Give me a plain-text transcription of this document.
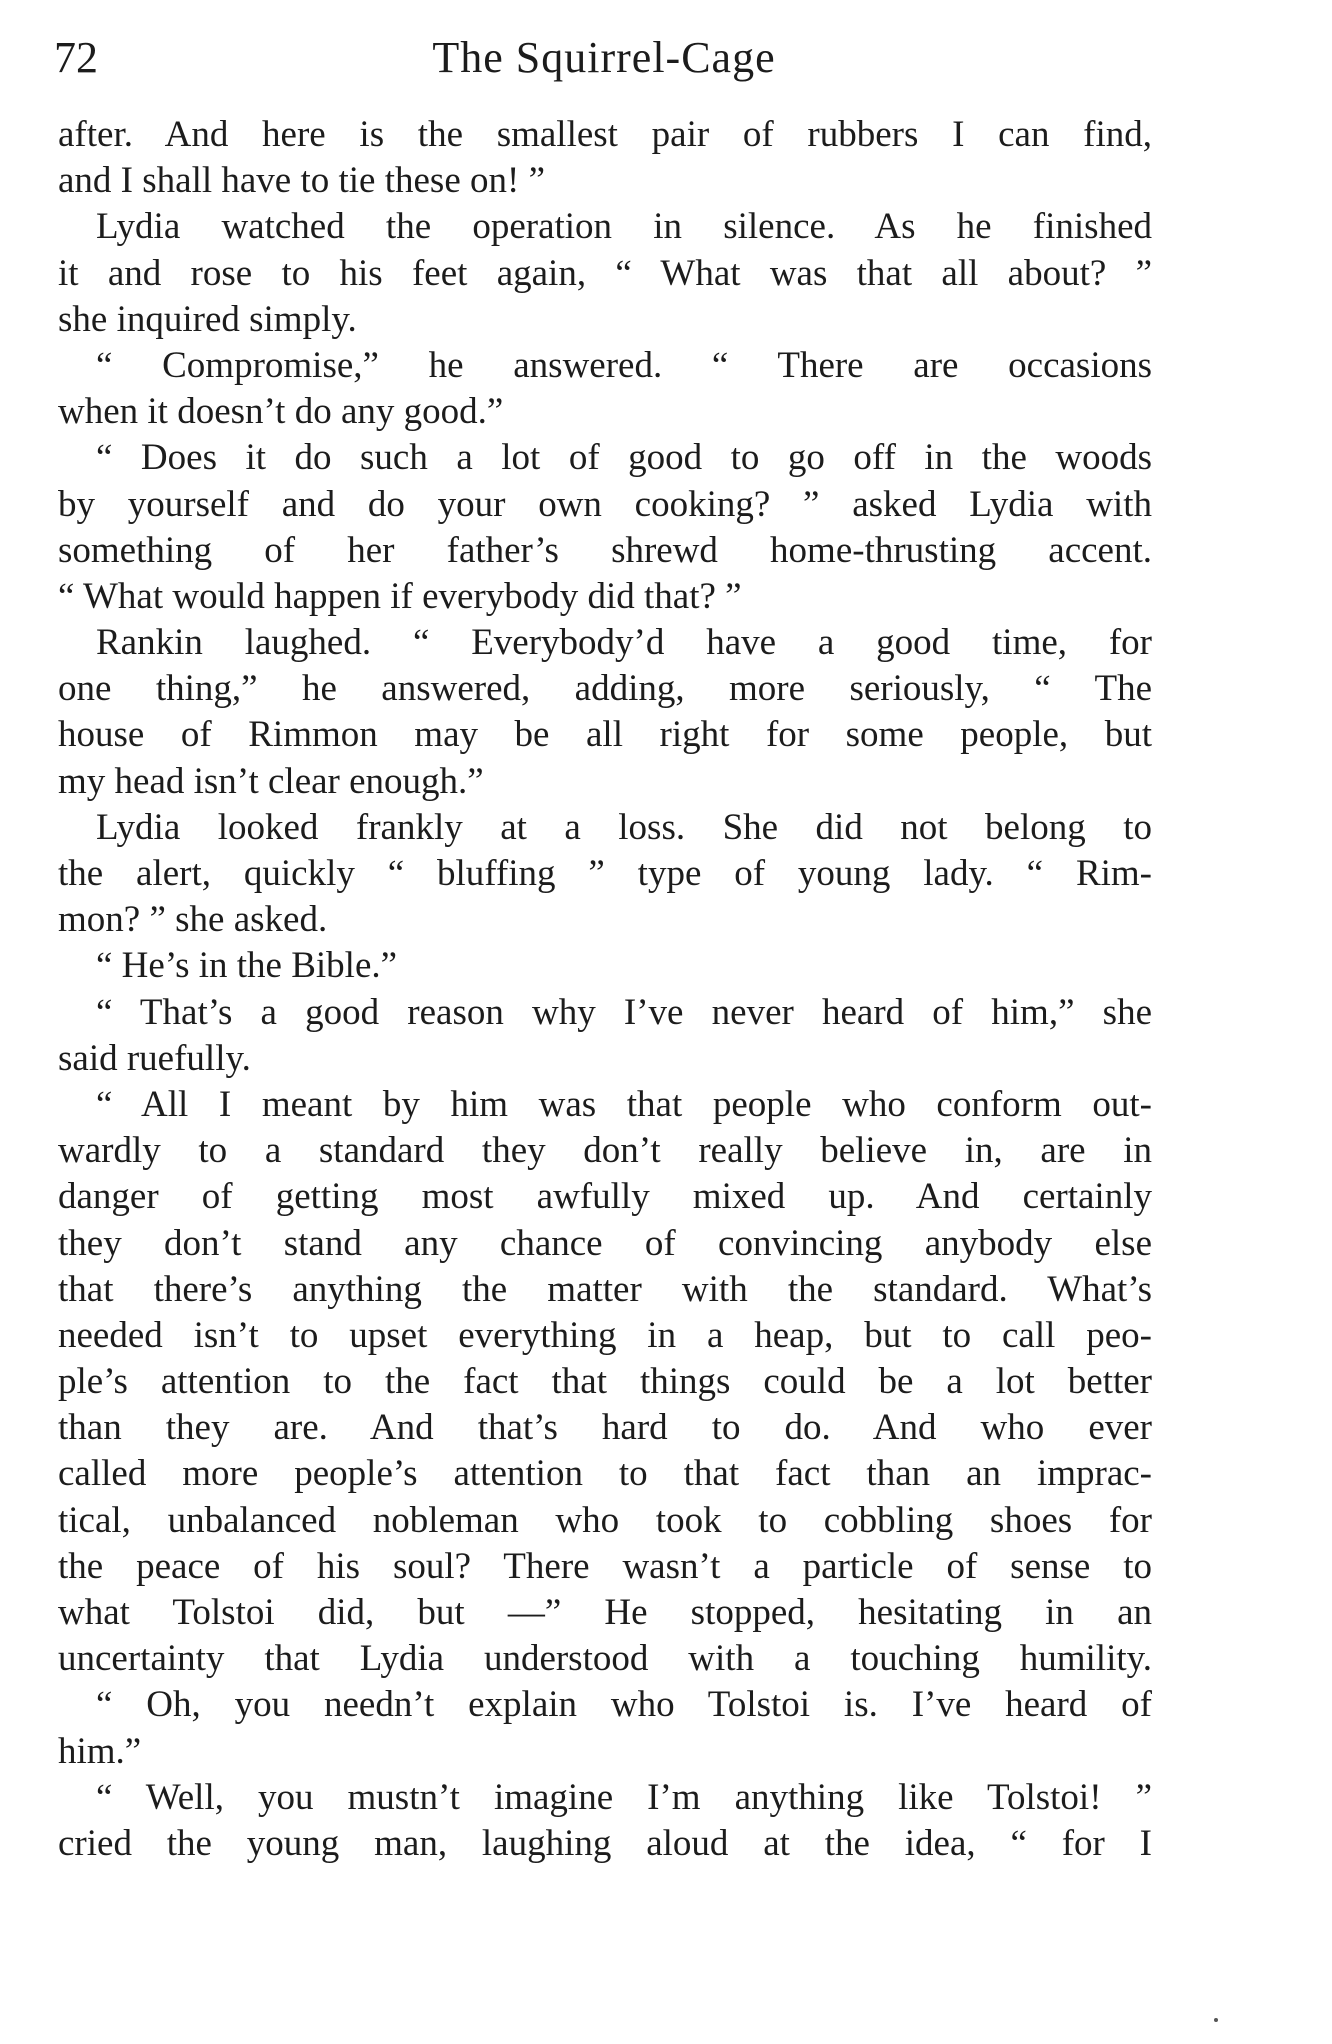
72	The Squirrel-Cage
after. And here is the smallest pair of rubbers I can find,
and I shall have to tie these on! ”
Lydia watched the operation in silence. As he finished
it and rose to his feet again, “ What was that all about? ”
she inquired simply.
“ Compromise,” he answered. “ There are occasions
when it doesn’t do any good.”
“ Does it do such a lot of good to go off in the woods
by yourself and do your own cooking? ” asked Lydia with
something of her father’s shrewd home-thrusting accent.
“ What would happen if everybody did that? ”
Rankin laughed. “ Everybody’d have a good time, for
one thing,” he answered, adding, more seriously, “ The
house of Rimmon may be all right for some people, but
my head isn’t clear enough.”
Lydia looked frankly at a loss. She did not belong to
the alert, quickly “ bluffing ” type of young lady. “ Rim-
mon? ” she asked.
“ He’s in the Bible.”
“ That’s a good reason why I’ve never heard of him,” she
said ruefully.
“ All I meant by him was that people who conform out-
wardly to a standard they don’t really believe in, are in
danger of getting most awfully mixed up. And certainly
they don’t stand any chance of convincing anybody else
that there’s anything the matter with the standard. What’s
needed isn’t to upset everything in a heap, but to call peo-
ple’s attention to the fact that things could be a lot better
than they are. And that’s hard to do. And who ever
called more people’s attention to that fact than an imprac-
tical, unbalanced nobleman who took to cobbling shoes for
the peace of his soul? There wasn’t a particle of sense to
what Tolstoi did, but —” He stopped, hesitating in an
uncertainty that Lydia understood with a touching humility.
“ Oh, you needn’t explain who Tolstoi is. I’ve heard of
him.”
“ Well, you mustn’t imagine I’m anything like Tolstoi! ”
cried the young man, laughing aloud at the idea, “ for I
